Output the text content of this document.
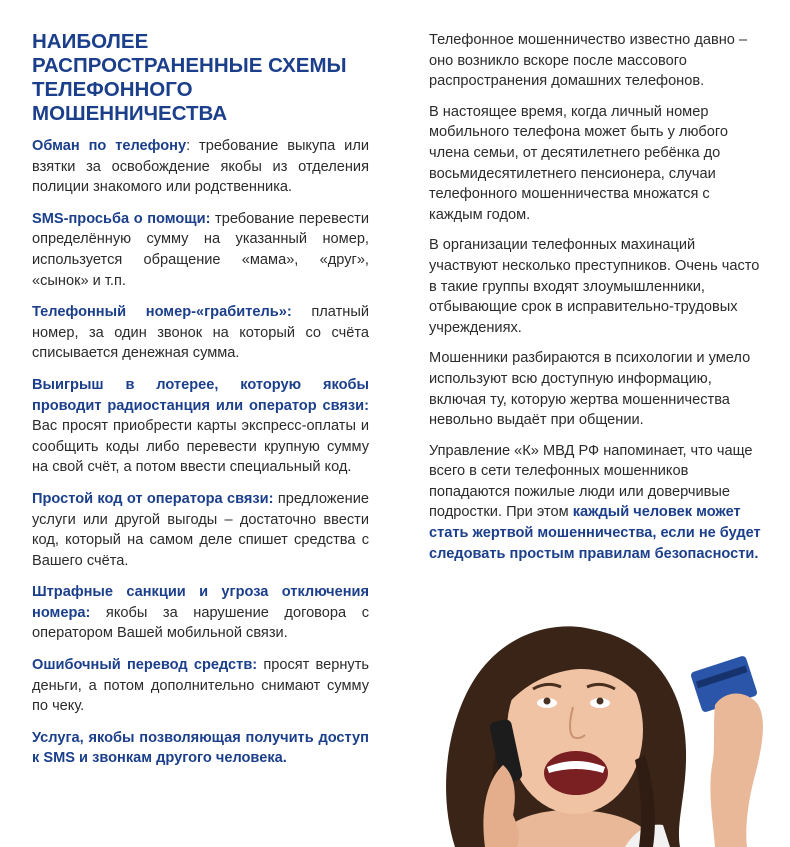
НАИБОЛЕЕ РАСПРОСТРАНЕННЫЕ СХЕМЫ ТЕЛЕФОННОГО МОШЕННИЧЕСТВА

Обман по телефону: требование выкупа или взятки за освобождение якобы из отделения полиции знакомого или родственника.

SMS-просьба о помощи: требование перевести определённую сумму на указанный номер, используется обращение «мама», «друг», «сынок» и т.п.

Телефонный номер-«грабитель»: платный номер, за один звонок на который со счёта списывается денежная сумма.

Выигрыш в лотерее, которую якобы проводит радиостанция или оператор связи: Вас просят приобрести карты экспресс-оплаты и сообщить коды либо перевести крупную сумму на свой счёт, а потом ввести специальный код.

Простой код от оператора связи: предложение услуги или другой выгоды – достаточно ввести код, который на самом деле спишет средства с Вашего счёта.

Штрафные санкции и угроза отключения номера: якобы за нарушение договора с оператором Вашей мобильной связи.

Ошибочный перевод средств: просят вернуть деньги, а потом дополнительно снимают сумму по чеку.

Услуга, якобы позволяющая получить доступ к SMS и звонкам другого человека.

Телефонное мошенничество известно давно – оно возникло вскоре после массового распространения домашних телефонов.

В настоящее время, когда личный номер мобильного телефона может быть у любого члена семьи, от десятилетнего ребёнка до восьмидесятилетнего пенсионера, случаи телефонного мошенничества множатся с каждым годом.

В организации телефонных махинаций участвуют несколько преступников. Очень часто в такие группы входят злоумышленники, отбывающие срок в исправительно-трудовых учреждениях.

Мошенники разбираются в психологии и умело используют всю доступную информацию, включая ту, которую жертва мошенничества невольно выдаёт при общении.

Управление «К» МВД РФ напоминает, что чаще всего в сети телефонных мошенников попадаются пожилые люди или доверчивые подростки. При этом каждый человек может стать жертвой мошенничества, если не будет следовать простым правилам безопасности.
